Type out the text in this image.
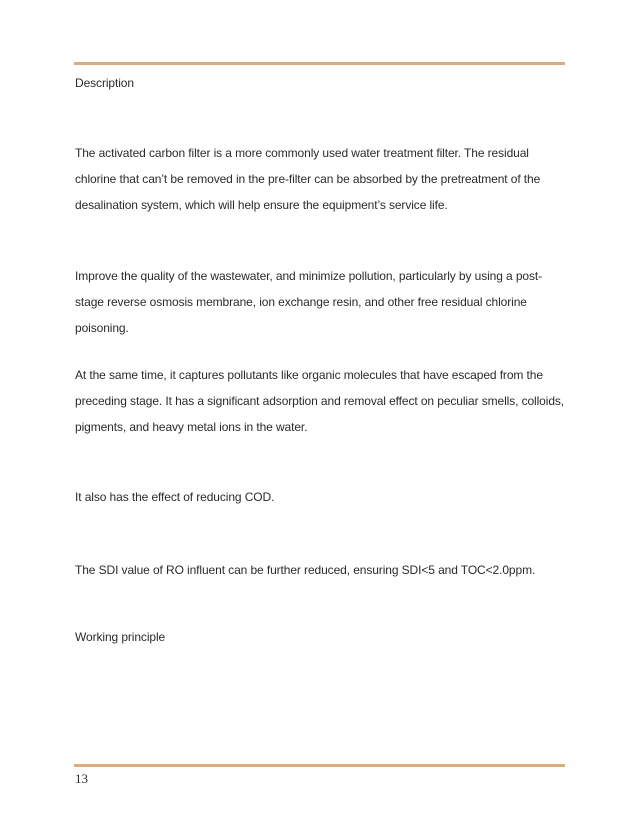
Description

The activated carbon filter is a more commonly used water treatment filter. The residual chlorine that can’t be removed in the pre-filter can be absorbed by the pretreatment of the desalination system, which will help ensure the equipment’s service life.

Improve the quality of the wastewater, and minimize pollution, particularly by using a post-stage reverse osmosis membrane, ion exchange resin, and other free residual chlorine poisoning.

At the same time, it captures pollutants like organic molecules that have escaped from the preceding stage. It has a significant adsorption and removal effect on peculiar smells, colloids, pigments, and heavy metal ions in the water.

It also has the effect of reducing COD.

The SDI value of RO influent can be further reduced, ensuring SDI<5 and TOC<2.0ppm.

Working principle

13
